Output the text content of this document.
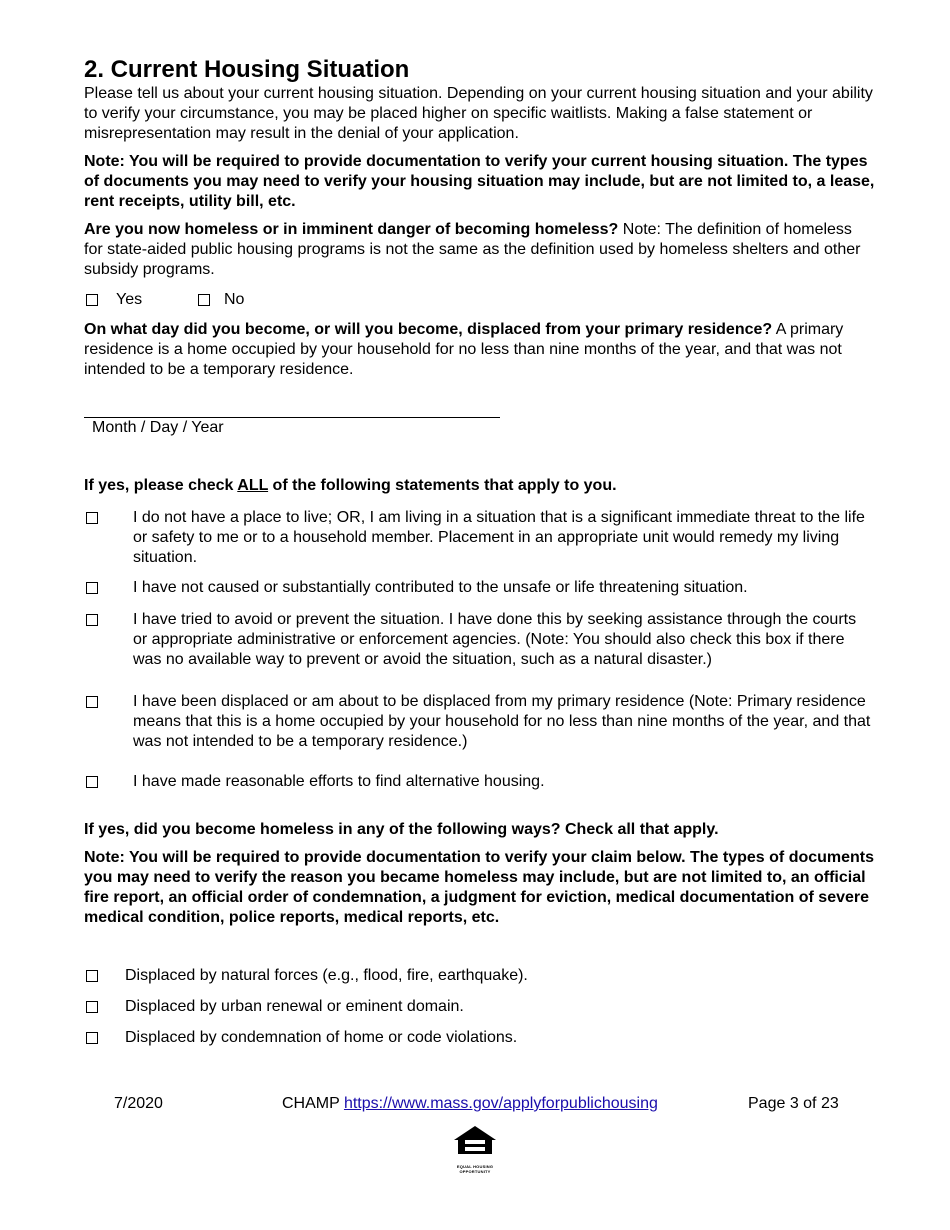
2. Current Housing Situation

Please tell us about your current housing situation. Depending on your current housing situation and your ability to verify your circumstance, you may be placed higher on specific waitlists. Making a false statement or misrepresentation may result in the denial of your application.

Note: You will be required to provide documentation to verify your current housing situation. The types of documents you may need to verify your housing situation may include, but are not limited to, a lease, rent receipts, utility bill, etc.

Are you now homeless or in imminent danger of becoming homeless? Note: The definition of homeless for state-aided public housing programs is not the same as the definition used by homeless shelters and other subsidy programs.

Yes	No

On what day did you become, or will you become, displaced from your primary residence? A primary residence is a home occupied by your household for no less than nine months of the year, and that was not intended to be a temporary residence.

Month / Day / Year

If yes, please check ALL of the following statements that apply to you.

I do not have a place to live; OR, I am living in a situation that is a significant immediate threat to the life or safety to me or to a household member. Placement in an appropriate unit would remedy my living situation.

I have not caused or substantially contributed to the unsafe or life threatening situation.

I have tried to avoid or prevent the situation. I have done this by seeking assistance through the courts or appropriate administrative or enforcement agencies. (Note: You should also check this box if there was no available way to prevent or avoid the situation, such as a natural disaster.)

I have been displaced or am about to be displaced from my primary residence (Note: Primary residence means that this is a home occupied by your household for no less than nine months of the year, and that was not intended to be a temporary residence.)

I have made reasonable efforts to find alternative housing.

If yes, did you become homeless in any of the following ways? Check all that apply.

Note: You will be required to provide documentation to verify your claim below. The types of documents you may need to verify the reason you became homeless may include, but are not limited to, an official fire report, an official order of condemnation, a judgment for eviction, medical documentation of severe medical condition, police reports, medical reports, etc.

Displaced by natural forces (e.g., flood, fire, earthquake).
Displaced by urban renewal or eminent domain.
Displaced by condemnation of home or code violations.
7/2020	CHAMP https://www.mass.gov/applyforpublichousing	Page 3 of 23
EQUAL HOUSING OPPORTUNITY
